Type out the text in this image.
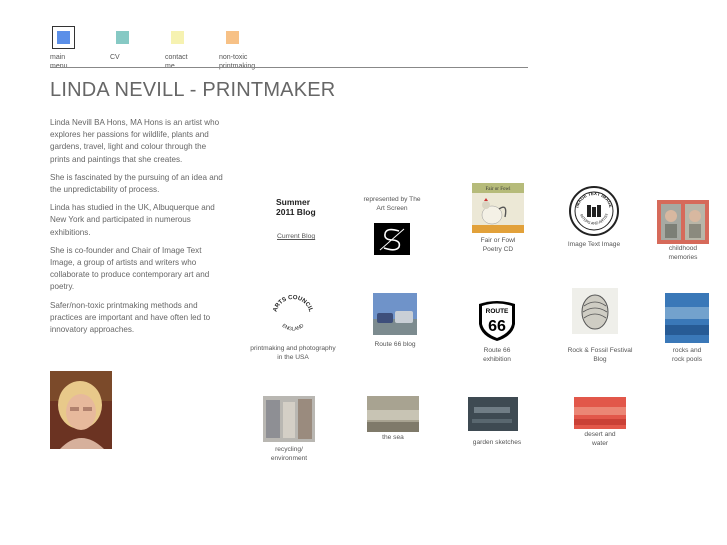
main	CV	contact	non-toxic

LINDA NEVILL - PRINTMAKER

Linda Nevill BA Hons, MA Hons is an artist who explores her passions for wildlife, plants and gardens, travel, light and colour through the prints and paintings that she creates.

She is fascinated by the pursuing of an idea and the unpredictability of process.

Linda has studied in the UK, Albuquerque and New York and participated in numerous exhibitions.

She is co-founder and Chair of Image Text Image, a group of artists and writers who collaborate to produce contemporary art and poetry.

Safer/non-toxic printmaking methods and practices are important and have often led to innovatory approaches.

Summer
2011 Blog
Current Blog
represented by The
Art Screen
Fair or Fowl
Fair or Fowl
Poetry CD
IMAGE TEXT IMAGE
RITERS AND ARTIST
Image Text Image
childhood
memories
ARTS COUNCIL
ENGLAND
printmaking and photography
in the USA
Route 66 blog
ROUTE
66
Route 66
exhibition
Rock & Fossil Festival
Blog
rocks and
rock pools
recycling/
environment
the sea
garden sketches
desert and
water
